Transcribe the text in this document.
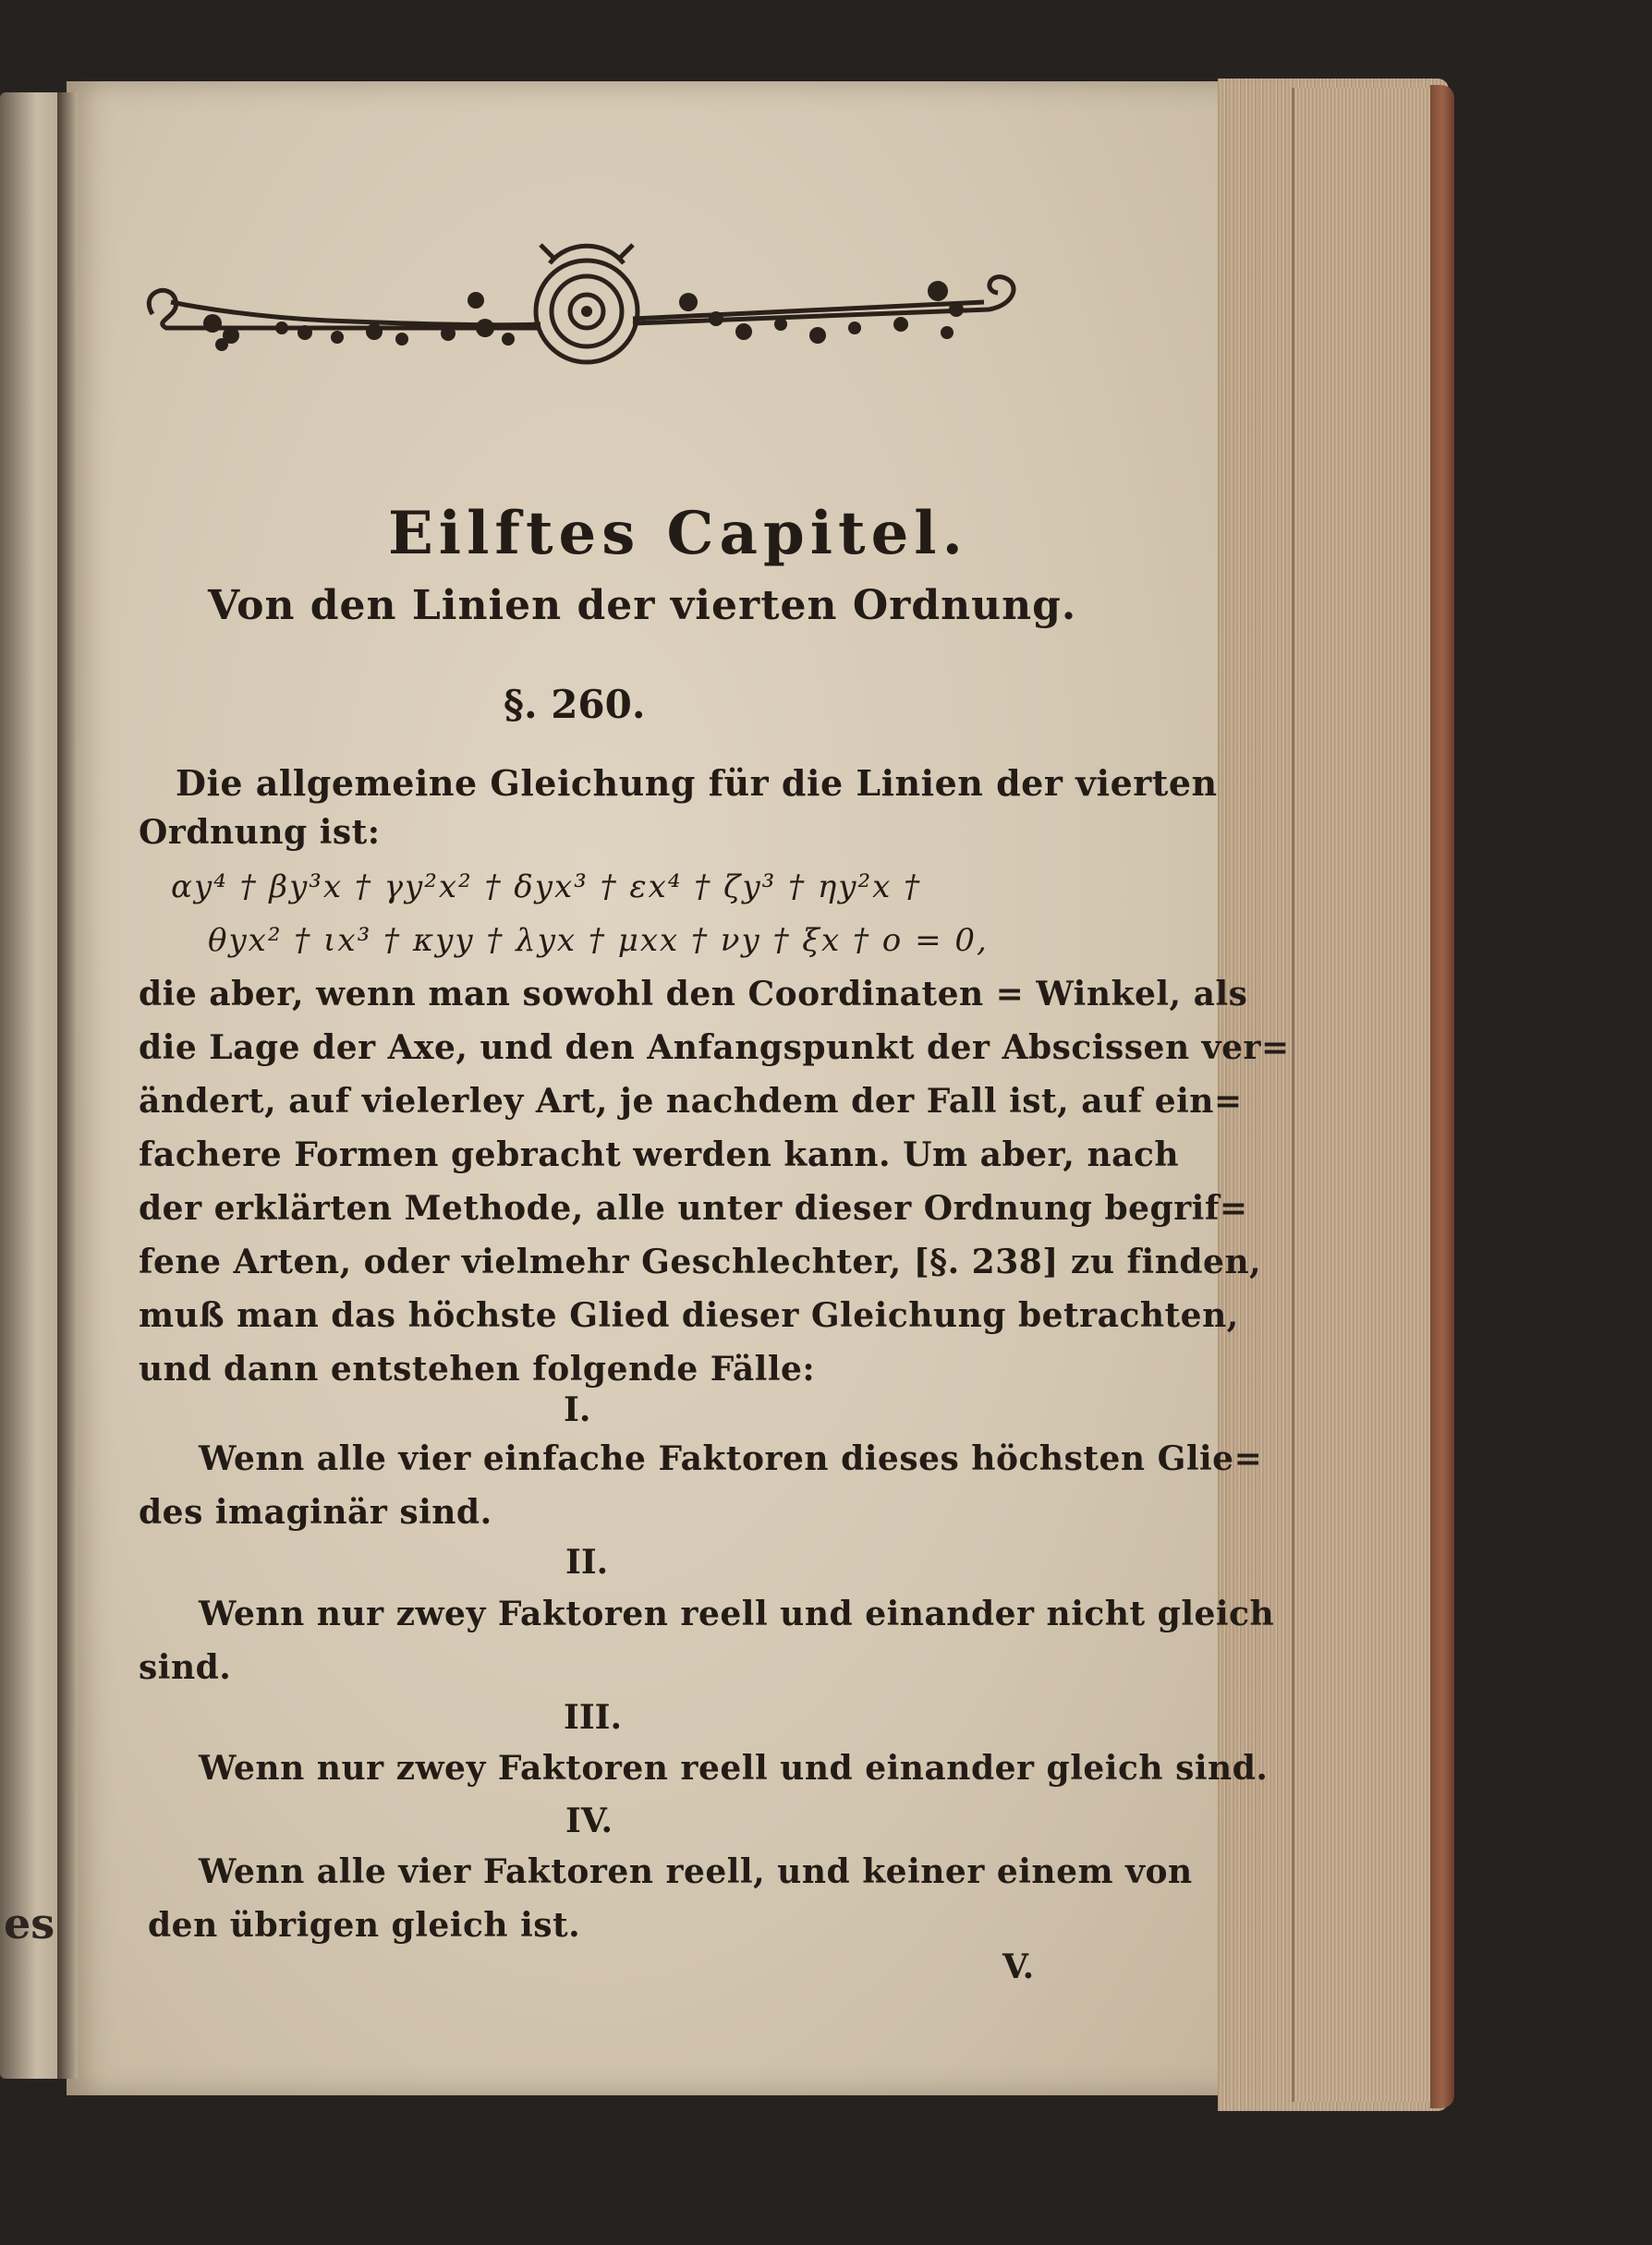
es
Eilftes Capitel.
Von den Linien der vierten Ordnung.
§. 260.
Die allgemeine Gleichung für die Linien der vierten
Ordnung ist:
αy⁴ † βy³x † γy²x² † δyx³ † εx⁴ † ζy³ † ηy²x †
θyx² † ιx³ † κyy † λyx † μxx † νy † ξx † ο = 0,
die aber, wenn man sowohl den Coordinaten = Winkel, als
die Lage der Axe, und den Anfangspunkt der Abscissen ver=
ändert, auf vielerley Art, je nachdem der Fall ist, auf ein=
fachere Formen gebracht werden kann. Um aber, nach
der erklärten Methode, alle unter dieser Ordnung begrif=
fene Arten, oder vielmehr Geschlechter, [§. 238] zu finden,
muß man das höchste Glied dieser Gleichung betrachten,
und dann entstehen folgende Fälle:
I.
Wenn alle vier einfache Faktoren dieses höchsten Glie=
des imaginär sind.
II.
Wenn nur zwey Faktoren reell und einander nicht gleich
sind.
III.
Wenn nur zwey Faktoren reell und einander gleich sind.
IV.
Wenn alle vier Faktoren reell, und keiner einem von
den übrigen gleich ist.
V.
